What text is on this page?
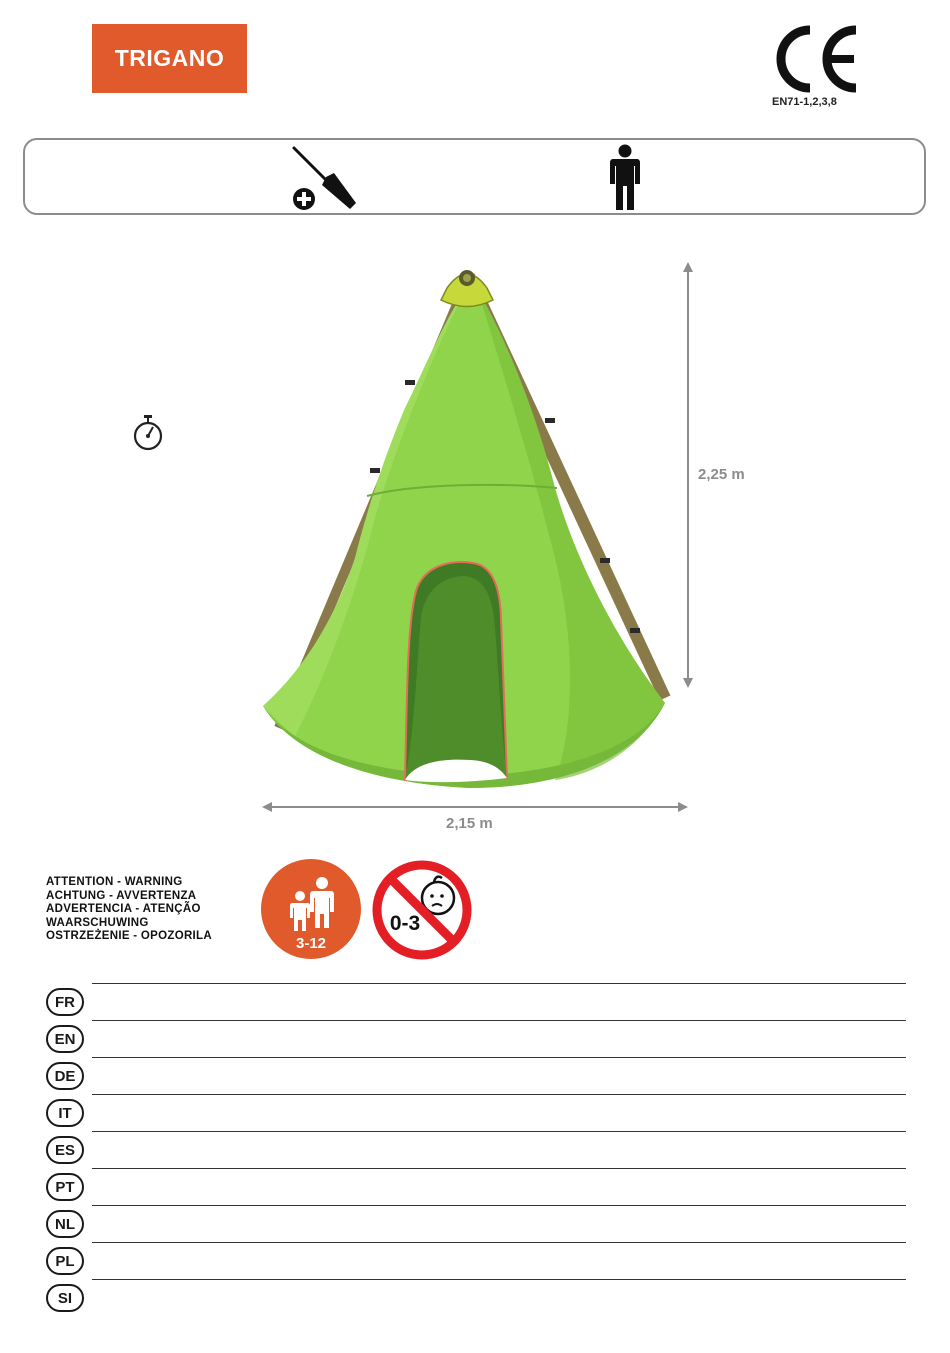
TRIGANO
EN71-1,2,3,8
2,25 m
2,15 m
ATTENTION - WARNING
ACHTUNG - AVVERTENZA
ADVERTENCIA - ATENÇÃO
WAARSCHUWING
OSTRZEŻENIE - OPOZORILA	3-12
0-3
FR
EN
DE
IT
ES
PT
NL
PL
SI
